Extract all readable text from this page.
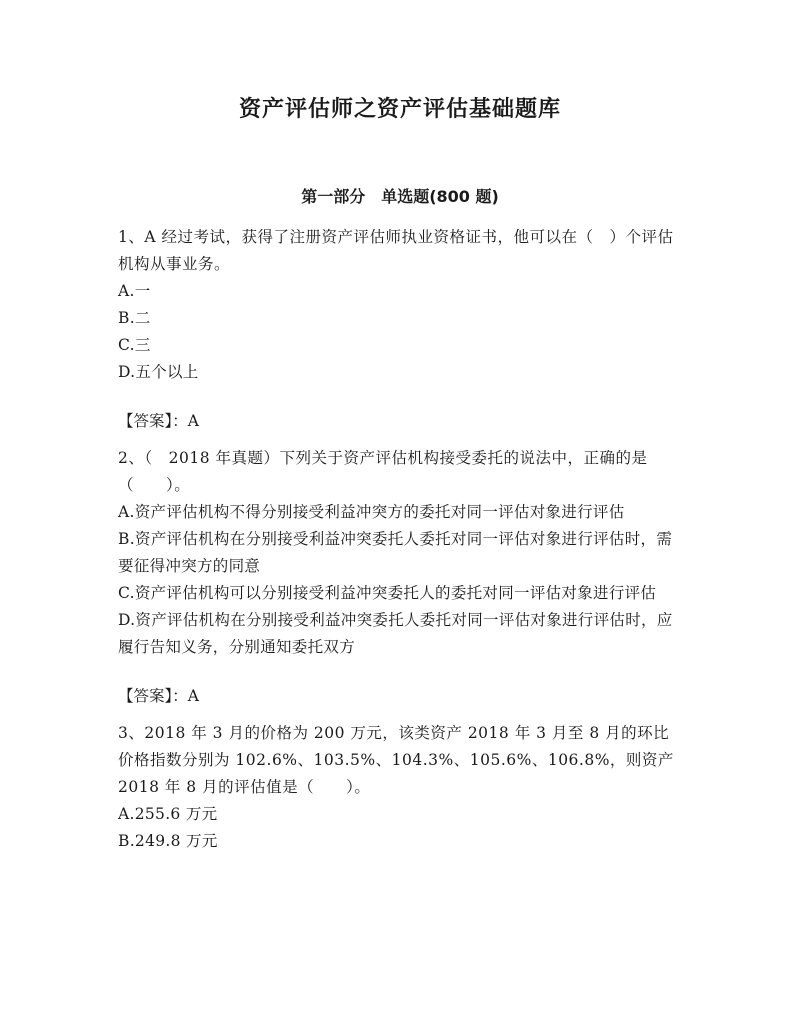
资产评估师之资产评估基础题库
第一部分　单选题(800 题)

1、A 经过考试，获得了注册资产评估师执业资格证书，他可以在（　）个评估机构从事业务。

A.一

B.二

C.三

D.五个以上

【答案】：A

2、（　2018 年真题）下列关于资产评估机构接受委托的说法中，正确的是（　　）。

A.资产评估机构不得分别接受利益冲突方的委托对同一评估对象进行评估

B.资产评估机构在分别接受利益冲突委托人委托对同一评估对象进行评估时，需要征得冲突方的同意

C.资产评估机构可以分别接受利益冲突委托人的委托对同一评估对象进行评估

D.资产评估机构在分别接受利益冲突委托人委托对同一评估对象进行评估时，应履行告知义务，分别通知委托双方

【答案】：A

3、2018 年 3 月的价格为 200 万元，该类资产 2018 年 3 月至 8 月的环比价格指数分别为 102.6%、103.5%、104.3%、105.6%、106.8%，则资产 2018 年 8 月的评估值是（　　）。

A.255.6 万元

B.249.8 万元
